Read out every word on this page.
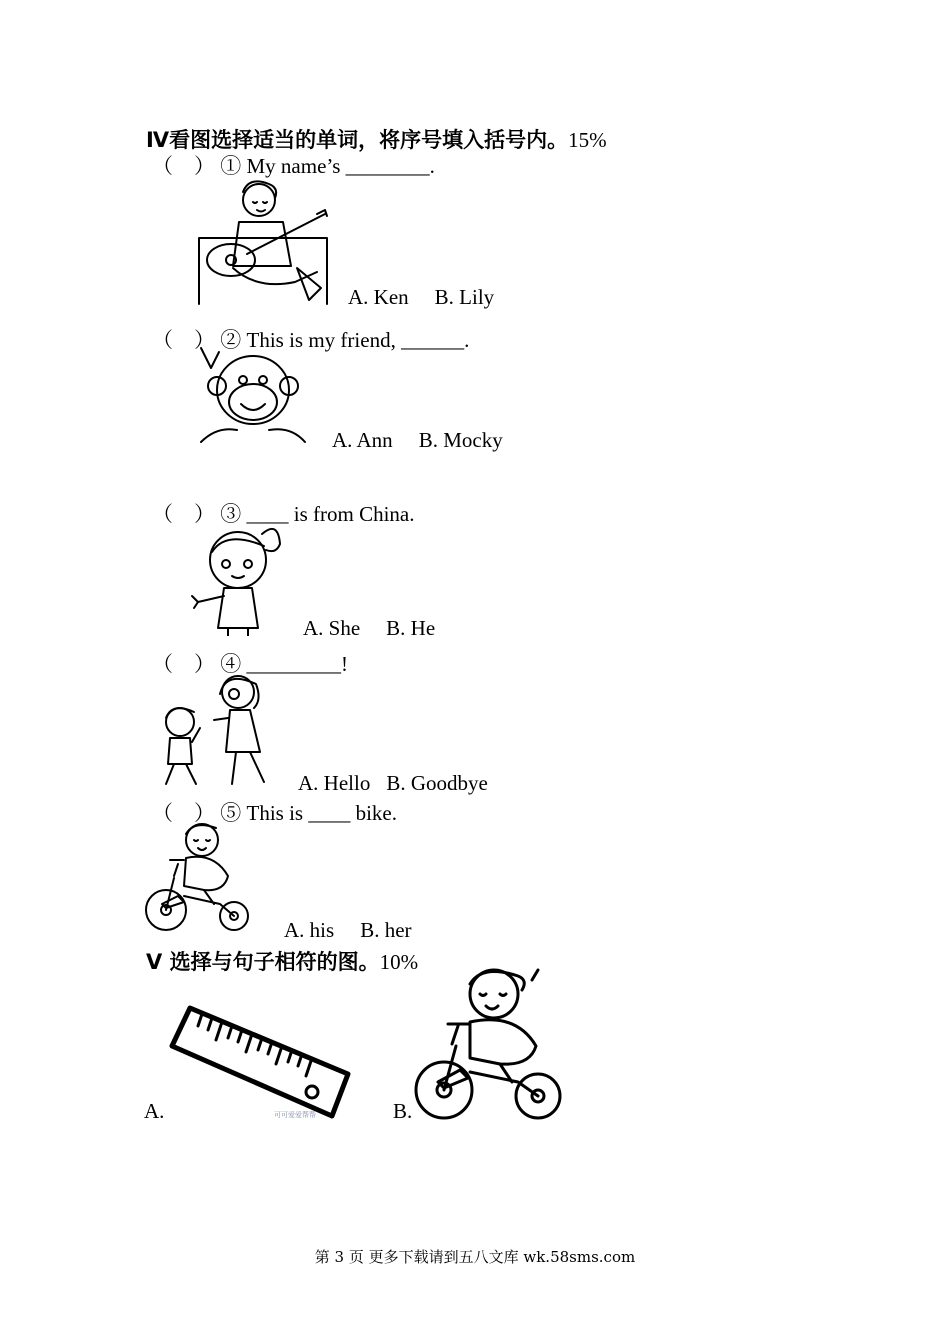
Ⅳ看图选择适当的单词，将序号填入括号内。15%
（　） ① My name’s ________.
A. Ken B. Lily
（　） ② This is my friend, ______.
A. Ann B. Mocky
（　） ③ ____ is from China.
A. She B. He
（　） ④ _________!
A. Hello B. Goodbye
（　） ⑤ This is ____ bike.
A. his B. her
Ⅴ 选择与句子相符的图。10%
可可爱爱帮帮
A.	B.
第 3 页 更多下载请到五八文库 wk.58sms.com
